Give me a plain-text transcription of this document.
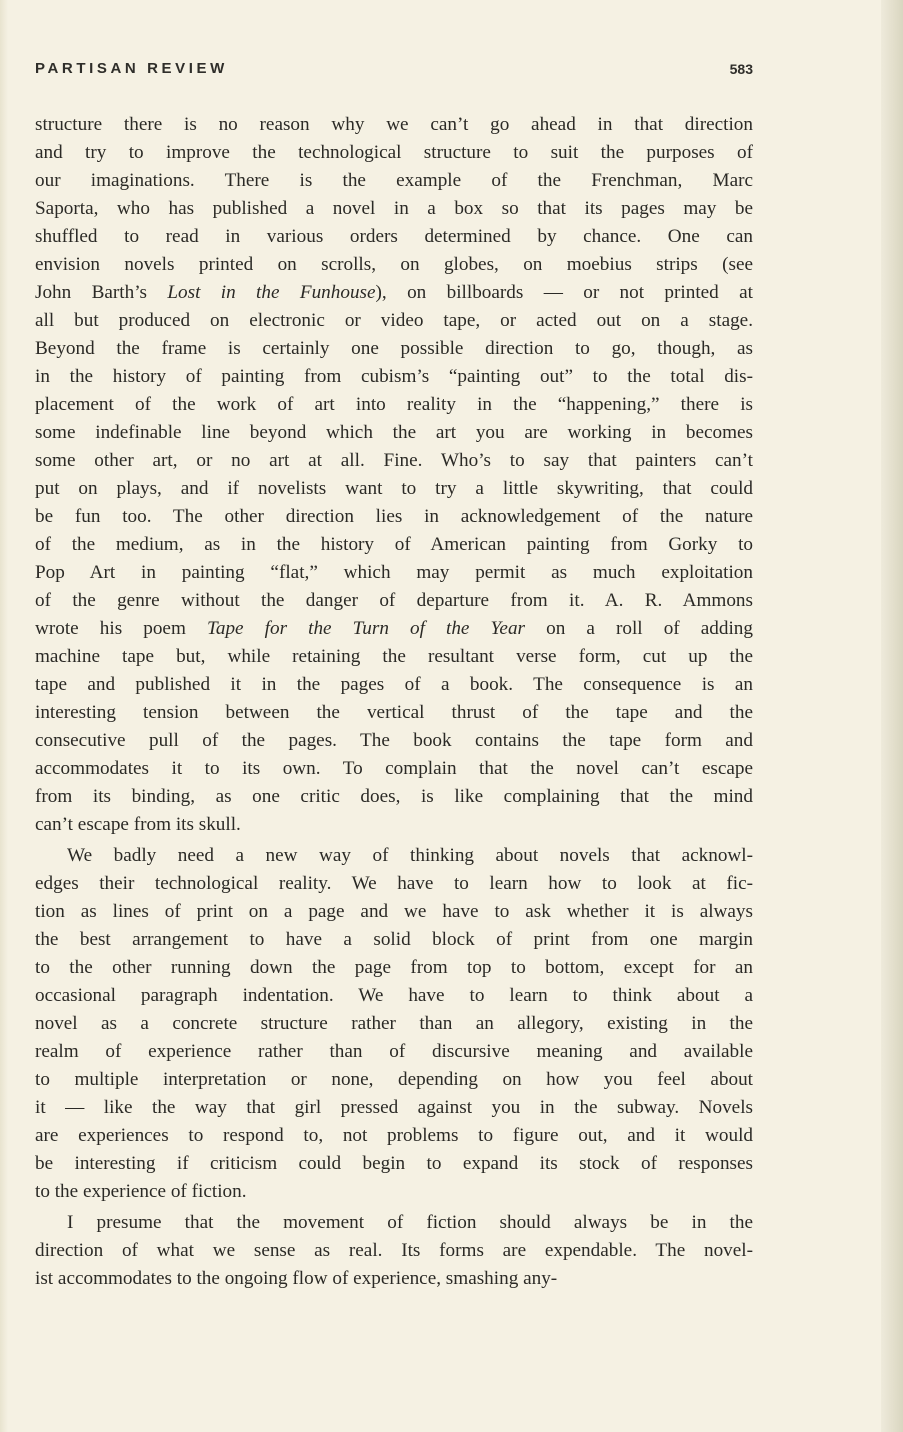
PARTISAN REVIEW	583
structure there is no reason why we can’t go ahead in that direction
and try to improve the technological structure to suit the purposes of
our imaginations. There is the example of the Frenchman, Marc
Saporta, who has published a novel in a box so that its pages may be
shuffled to read in various orders determined by chance. One can
envision novels printed on scrolls, on globes, on moebius strips (see
John Barth’s Lost in the Funhouse), on billboards — or not printed at
all but produced on electronic or video tape, or acted out on a stage.
Beyond the frame is certainly one possible direction to go, though, as
in the history of painting from cubism’s “painting out” to the total dis-
placement of the work of art into reality in the “happening,” there is
some indefinable line beyond which the art you are working in becomes
some other art, or no art at all. Fine. Who’s to say that painters can’t
put on plays, and if novelists want to try a little skywriting, that could
be fun too. The other direction lies in acknowledgement of the nature
of the medium, as in the history of American painting from Gorky to
Pop Art in painting “flat,” which may permit as much exploitation
of the genre without the danger of departure from it. A. R. Ammons
wrote his poem Tape for the Turn of the Year on a roll of adding
machine tape but, while retaining the resultant verse form, cut up the
tape and published it in the pages of a book. The consequence is an
interesting tension between the vertical thrust of the tape and the
consecutive pull of the pages. The book contains the tape form and
accommodates it to its own. To complain that the novel can’t escape
from its binding, as one critic does, is like complaining that the mind
can’t escape from its skull.
We badly need a new way of thinking about novels that acknowl-
edges their technological reality. We have to learn how to look at fic-
tion as lines of print on a page and we have to ask whether it is always
the best arrangement to have a solid block of print from one margin
to the other running down the page from top to bottom, except for an
occasional paragraph indentation. We have to learn to think about a
novel as a concrete structure rather than an allegory, existing in the
realm of experience rather than of discursive meaning and available
to multiple interpretation or none, depending on how you feel about
it — like the way that girl pressed against you in the subway. Novels
are experiences to respond to, not problems to figure out, and it would
be interesting if criticism could begin to expand its stock of responses
to the experience of fiction.
I presume that the movement of fiction should always be in the
direction of what we sense as real. Its forms are expendable. The novel-
ist accommodates to the ongoing flow of experience, smashing any-
